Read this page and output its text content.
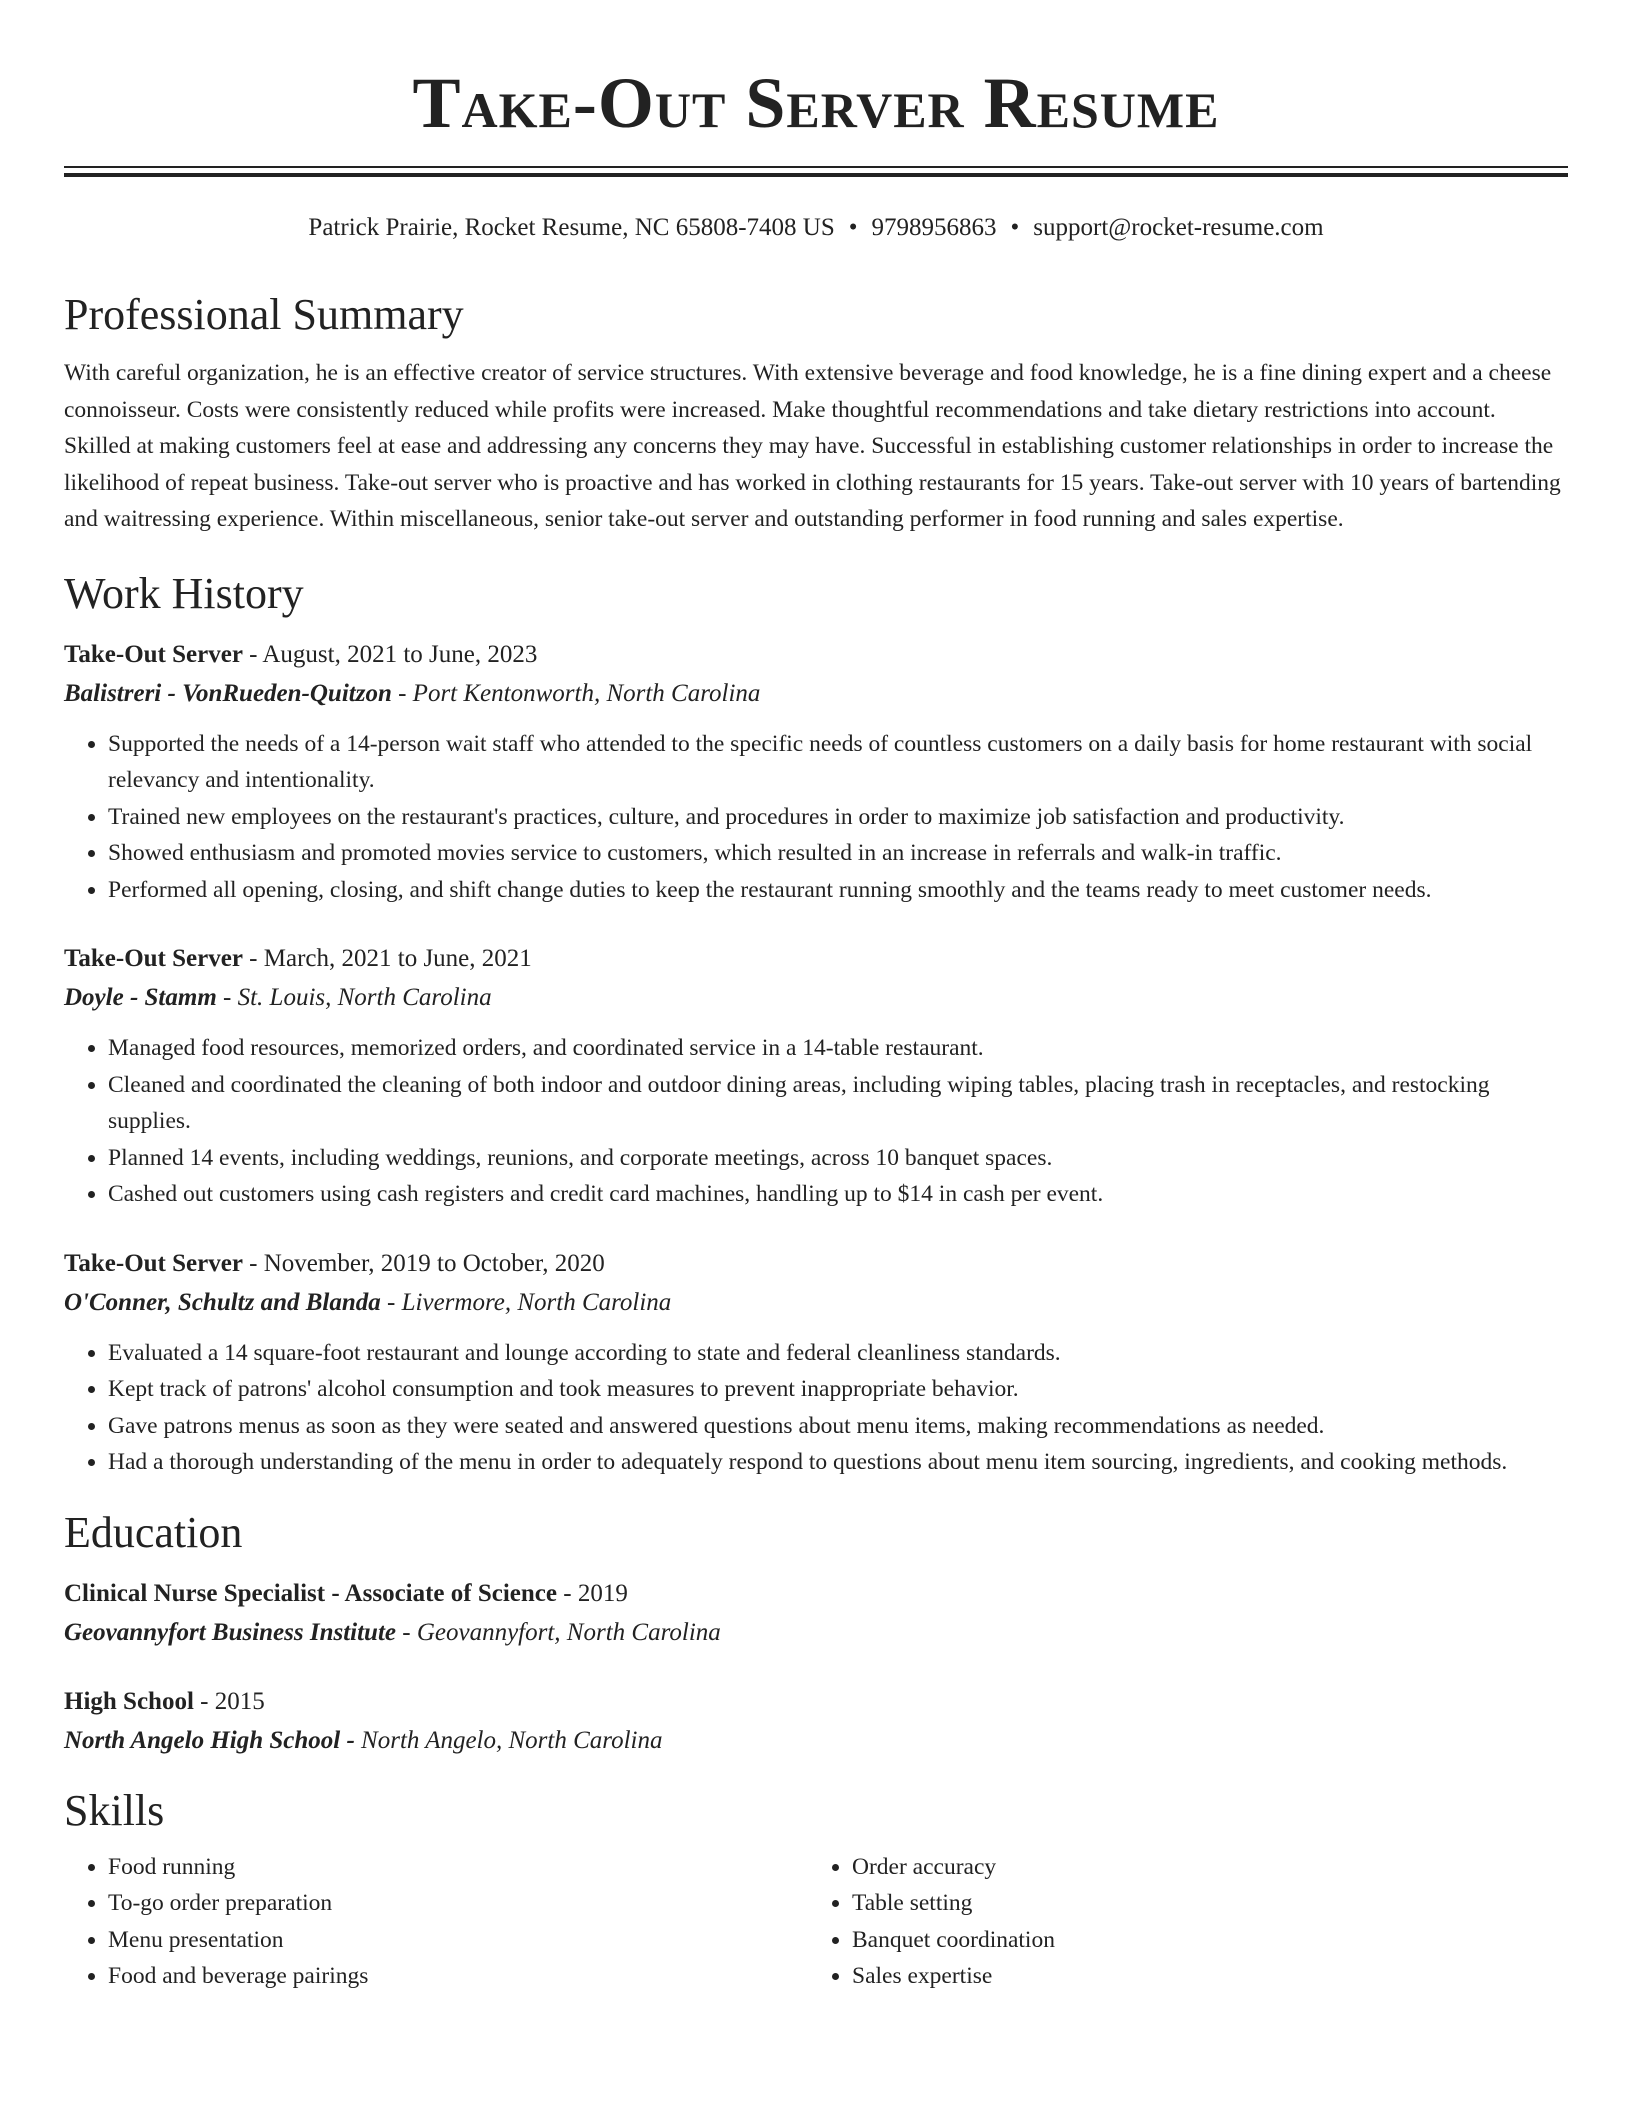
Take-Out Server Resume
Patrick Prairie, Rocket Resume, NC 65808-7408 US • 9798956863 • support@rocket-resume.com
Professional Summary
With careful organization, he is an effective creator of service structures. With extensive beverage and food knowledge, he is a fine dining expert and a cheese connoisseur. Costs were consistently reduced while profits were increased. Make thoughtful recommendations and take dietary restrictions into account. Skilled at making customers feel at ease and addressing any concerns they may have. Successful in establishing customer relationships in order to increase the likelihood of repeat business. Take-out server who is proactive and has worked in clothing restaurants for 15 years. Take-out server with 10 years of bartending and waitressing experience. Within miscellaneous, senior take-out server and outstanding performer in food running and sales expertise.
Work History
Take-Out Server - August, 2021 to June, 2023
Balistreri - VonRueden-Quitzon - Port Kentonworth, North Carolina
• Supported the needs of a 14-person wait staff who attended to the specific needs of countless customers on a daily basis for home restaurant with social relevancy and intentionality.
• Trained new employees on the restaurant's practices, culture, and procedures in order to maximize job satisfaction and productivity.
• Showed enthusiasm and promoted movies service to customers, which resulted in an increase in referrals and walk-in traffic.
• Performed all opening, closing, and shift change duties to keep the restaurant running smoothly and the teams ready to meet customer needs.
Take-Out Server - March, 2021 to June, 2021
Doyle - Stamm - St. Louis, North Carolina
• Managed food resources, memorized orders, and coordinated service in a 14-table restaurant.
• Cleaned and coordinated the cleaning of both indoor and outdoor dining areas, including wiping tables, placing trash in receptacles, and restocking supplies.
• Planned 14 events, including weddings, reunions, and corporate meetings, across 10 banquet spaces.
• Cashed out customers using cash registers and credit card machines, handling up to $14 in cash per event.
Take-Out Server - November, 2019 to October, 2020
O'Conner, Schultz and Blanda - Livermore, North Carolina
• Evaluated a 14 square-foot restaurant and lounge according to state and federal cleanliness standards.
• Kept track of patrons' alcohol consumption and took measures to prevent inappropriate behavior.
• Gave patrons menus as soon as they were seated and answered questions about menu items, making recommendations as needed.
• Had a thorough understanding of the menu in order to adequately respond to questions about menu item sourcing, ingredients, and cooking methods.
Education
Clinical Nurse Specialist - Associate of Science - 2019
Geovannyfort Business Institute - Geovannyfort, North Carolina
High School - 2015
North Angelo High School - North Angelo, North Carolina
Skills
• Food running
• To-go order preparation
• Menu presentation
• Food and beverage pairings
• Order accuracy
• Table setting
• Banquet coordination
• Sales expertise
